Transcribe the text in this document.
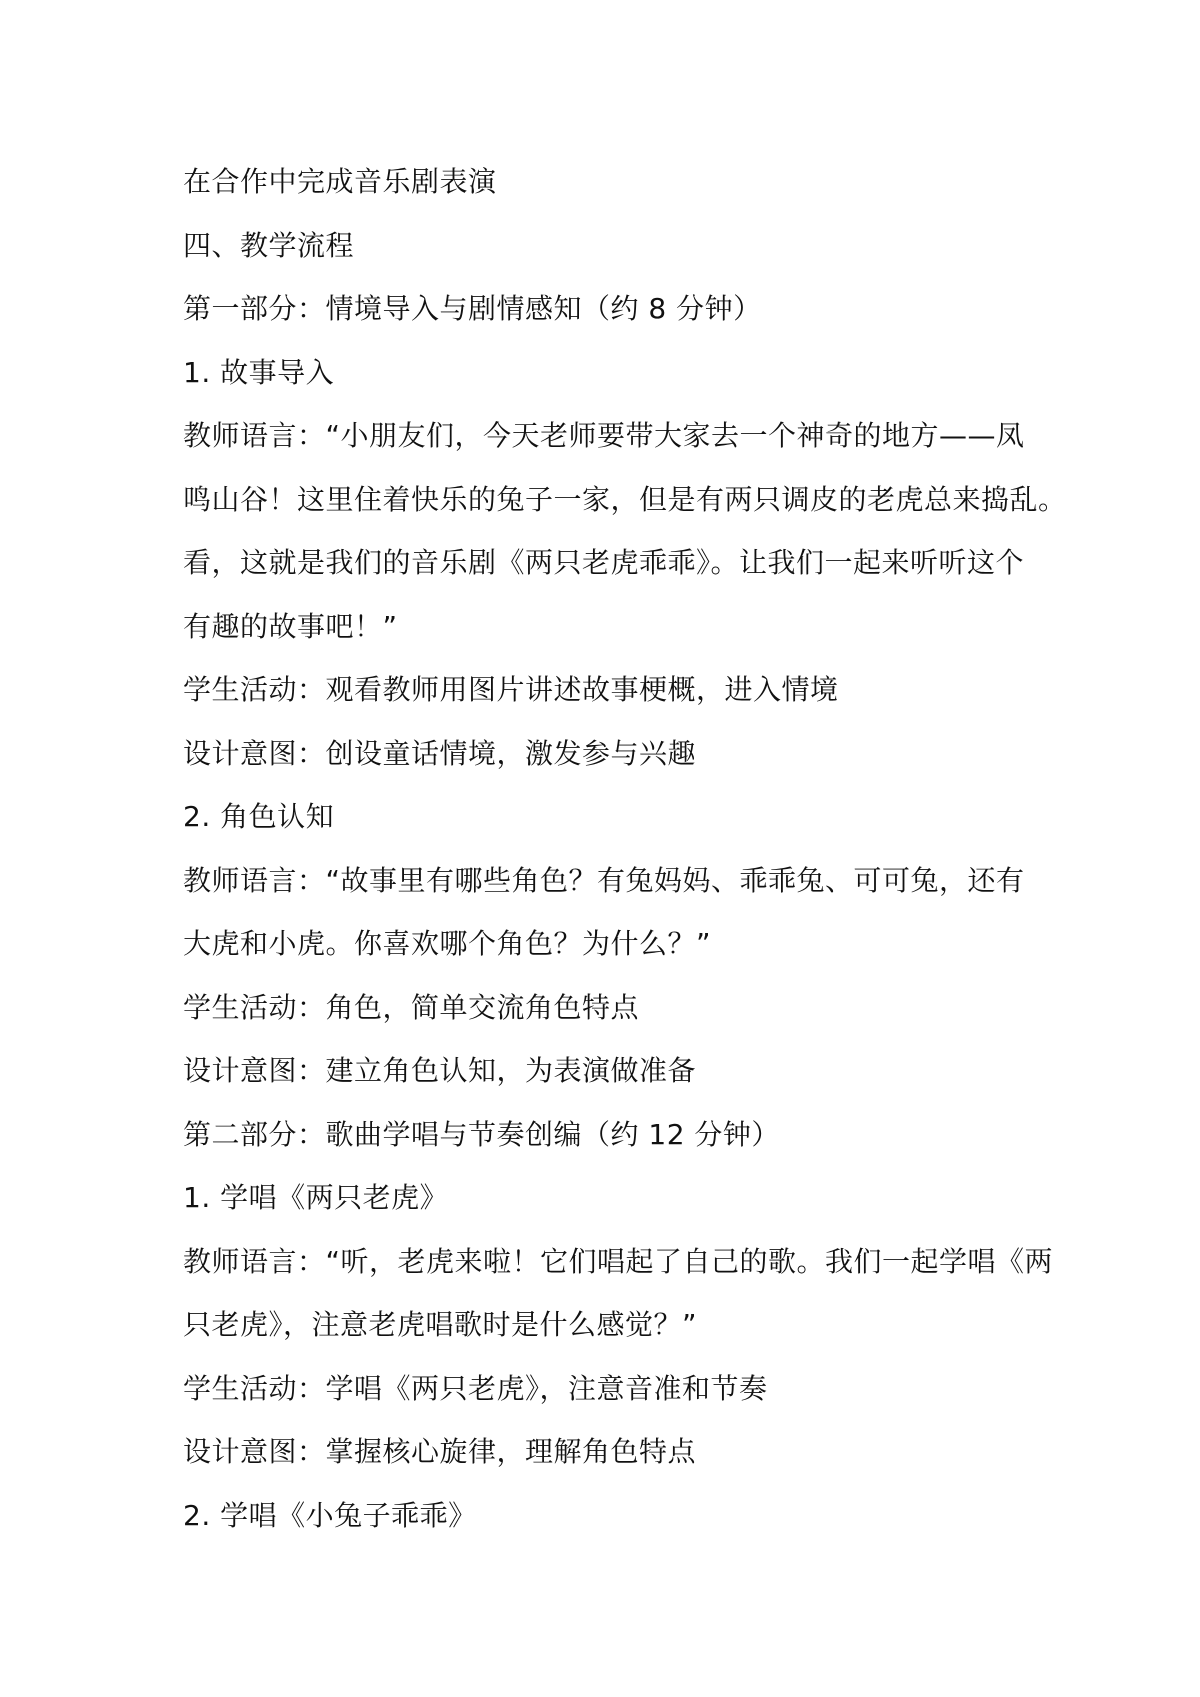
在合作中完成音乐剧表演
四、教学流程
第一部分：情境导入与剧情感知（约 8 分钟）
1. 故事导入
教师语言：“小朋友们，今天老师要带大家去一个神奇的地方——凤
鸣山谷！这里住着快乐的兔子一家，但是有两只调皮的老虎总来捣乱。
看，这就是我们的音乐剧《两只老虎乖乖》。让我们一起来听听这个
有趣的故事吧！”
学生活动：观看教师用图片讲述故事梗概，进入情境
设计意图：创设童话情境，激发参与兴趣
2. 角色认知
教师语言：“故事里有哪些角色？有兔妈妈、乖乖兔、可可兔，还有
大虎和小虎。你喜欢哪个角色？为什么？”
学生活动：角色，简单交流角色特点
设计意图：建立角色认知，为表演做准备
第二部分：歌曲学唱与节奏创编（约 12 分钟）
1. 学唱《两只老虎》
教师语言：“听，老虎来啦！它们唱起了自己的歌。我们一起学唱《两
只老虎》，注意老虎唱歌时是什么感觉？”
学生活动：学唱《两只老虎》，注意音准和节奏
设计意图：掌握核心旋律，理解角色特点
2. 学唱《小兔子乖乖》
